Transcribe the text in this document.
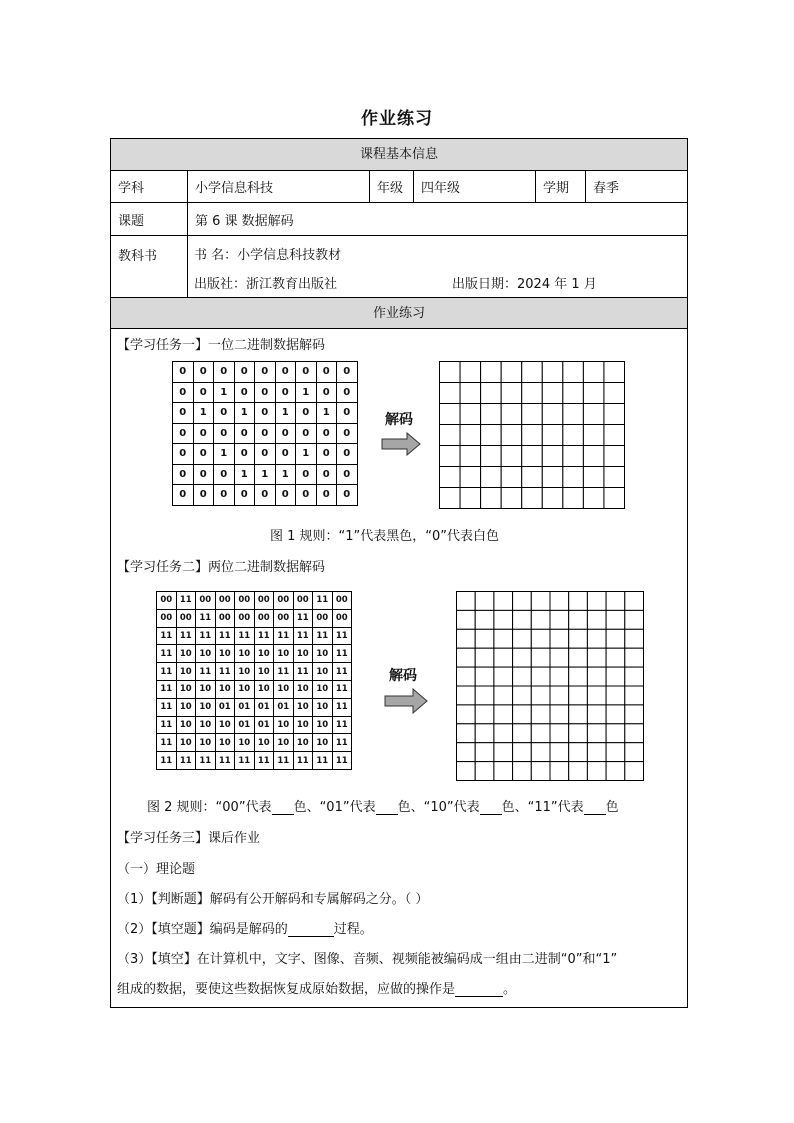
作业练习
课程基本信息
学科	小学信息科技	年级	四年级	学期	春季
课题	第 6 课 数据解码
教科书	书 名：小学信息科技教材
出版社：浙江教育出版社	出版日期：2024 年 1 月
作业练习
【学习任务一】一位二进制数据解码
0	0	0	0	0	0	0	0	0
0	0	1	0	0	0	1	0	0
0	1	0	1	0	1	0	1	0
0	0	0	0	0	0	0	0	0
0	0	1	0	0	0	1	0	0
0	0	0	1	1	1	0	0	0
0	0	0	0	0	0	0	0	0
解码
图 1 规则：“1”代表黑色，“0”代表白色
【学习任务二】两位二进制数据解码
00	11	00	00	00	00	00	00	11	00
00	00	11	00	00	00	00	11	00	00
11	11	11	11	11	11	11	11	11	11
11	10	10	10	10	10	10	10	10	11
11	10	11	11	10	10	11	11	10	11
11	10	10	10	10	10	10	10	10	11
11	10	10	01	01	01	01	10	10	11
11	10	10	10	01	01	10	10	10	11
11	10	10	10	10	10	10	10	10	11
11	11	11	11	11	11	11	11	11	11
解码
图 2 规则：“00”代表 色、“01”代表 色、“10”代表 色、“11”代表 色
【学习任务三】课后作业
（一）理论题
（1）【判断题】解码有公开解码和专属解码之分。（ ）
（2）【填空题】编码是解码的	过程。
（3）【填空】在计算机中，文字、图像、音频、视频能被编码成一组由二进制“0”和“1”
组成的数据，要使这些数据恢复成原始数据，应做的操作是	。
